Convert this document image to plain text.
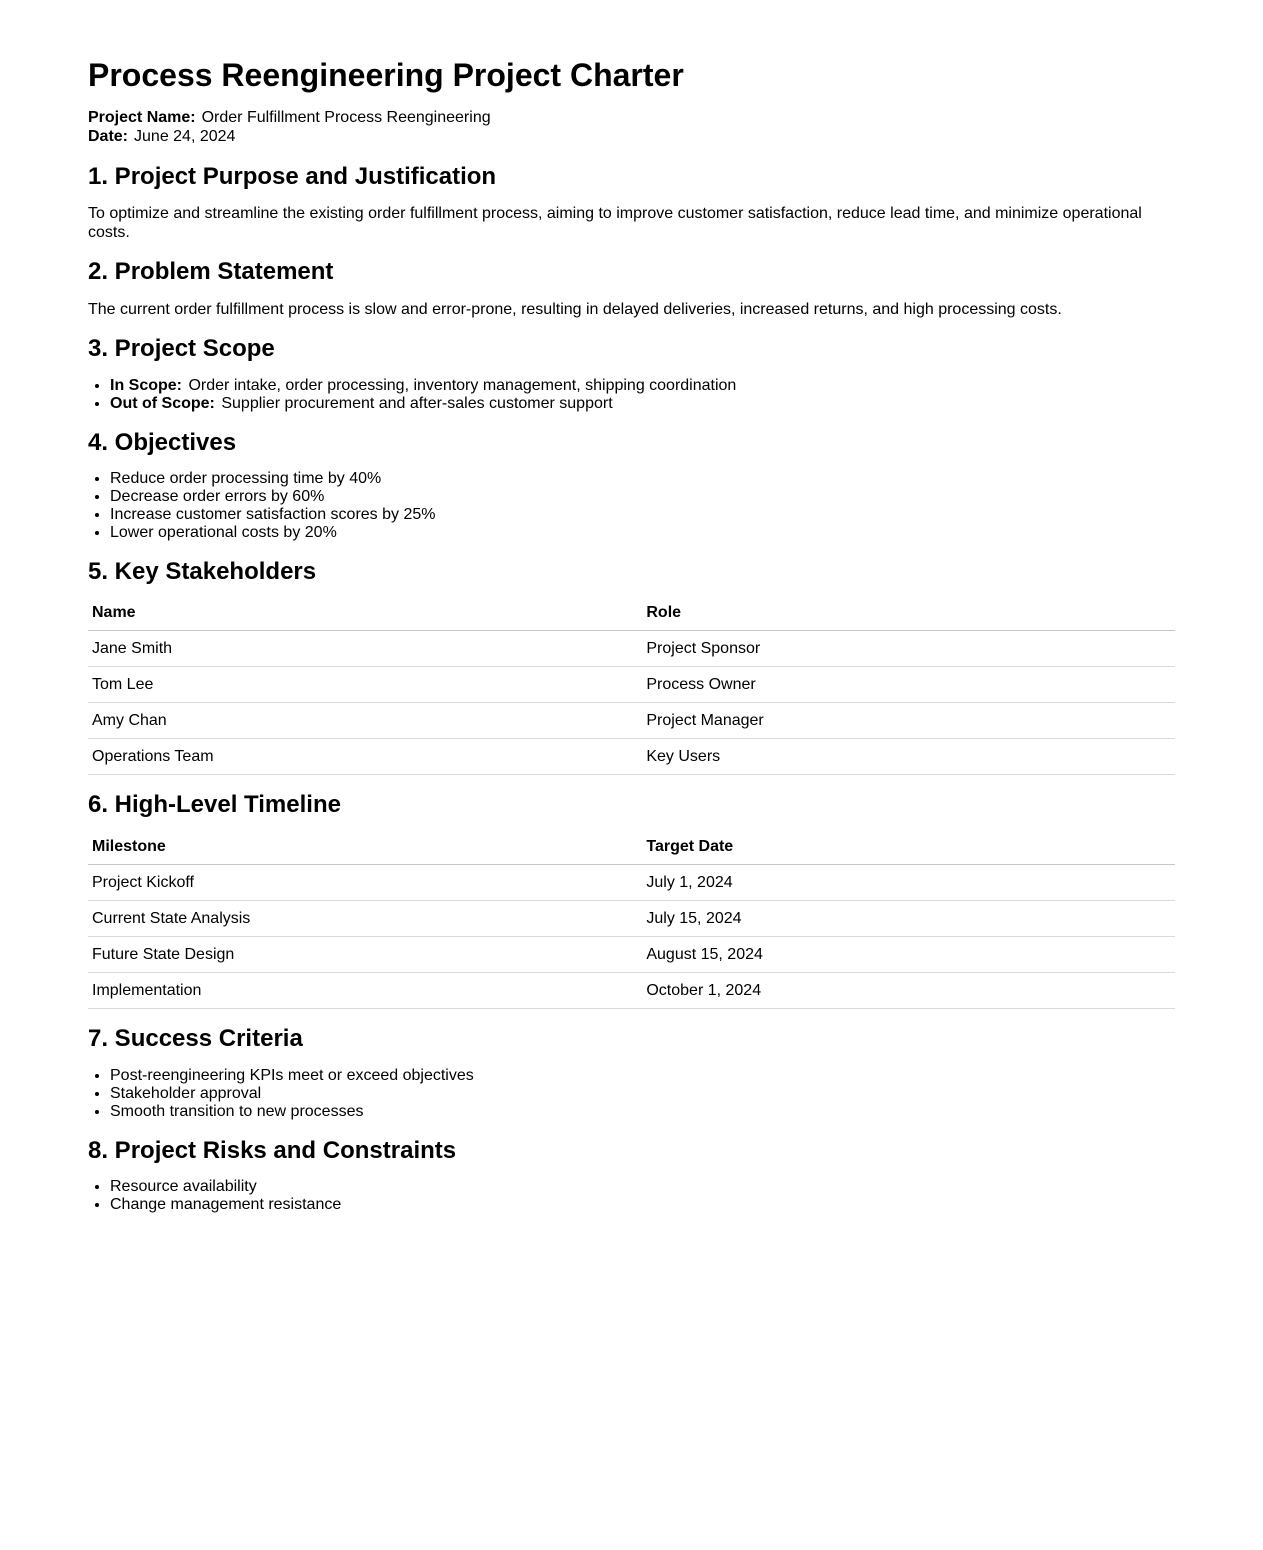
Process Reengineering Project Charter

Project Name: Order Fulfillment Process Reengineering
Date: June 24, 2024

1. Project Purpose and Justification

To optimize and streamline the existing order fulfillment process, aiming to improve customer satisfaction, reduce lead time, and minimize operational costs.

2. Problem Statement

The current order fulfillment process is slow and error-prone, resulting in delayed deliveries, increased returns, and high processing costs.

3. Project Scope
• In Scope: Order intake, order processing, inventory management, shipping coordination
• Out of Scope: Supplier procurement and after-sales customer support
4. Objectives
• Reduce order processing time by 40%
• Decrease order errors by 60%
• Increase customer satisfaction scores by 25%
• Lower operational costs by 20%
5. Key Stakeholders
Name	Role
Jane Smith	Project Sponsor
Tom Lee	Process Owner
Amy Chan	Project Manager
Operations Team	Key Users
6. High-Level Timeline
Milestone	Target Date
Project Kickoff	July 1, 2024
Current State Analysis	July 15, 2024
Future State Design	August 15, 2024
Implementation	October 1, 2024
7. Success Criteria
• Post-reengineering KPIs meet or exceed objectives
• Stakeholder approval
• Smooth transition to new processes
8. Project Risks and Constraints
• Resource availability
• Change management resistance
